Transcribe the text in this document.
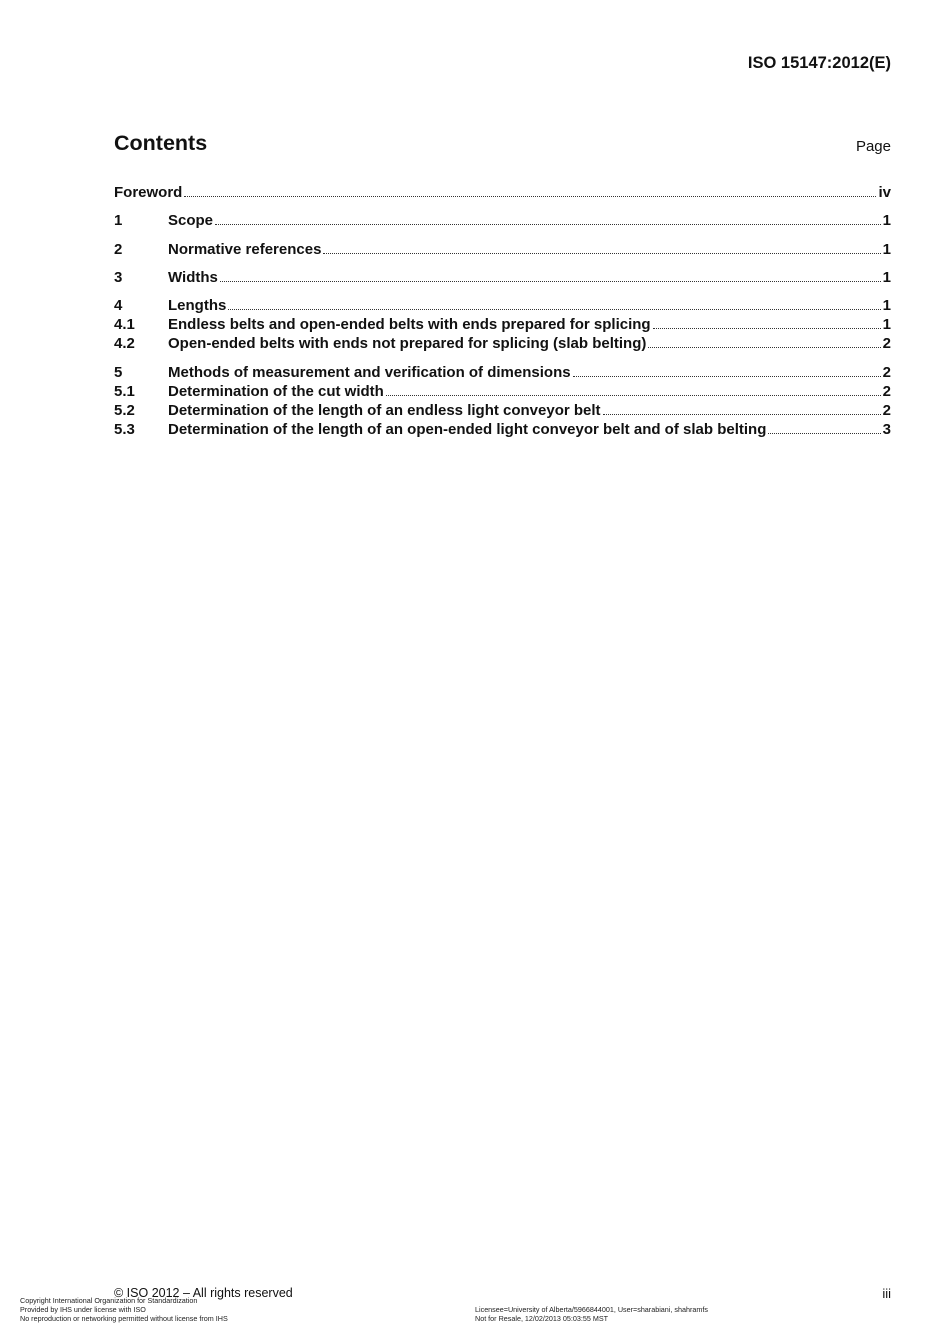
ISO 15147:2012(E)
Contents	Page
Foreword	iv
1	Scope	1
2	Normative references	1
3	Widths	1
4	Lengths	1
4.1	Endless belts and open-ended belts with ends prepared for splicing	1
4.2	Open-ended belts with ends not prepared for splicing (slab belting)	2
5	Methods of measurement and verification of dimensions	2
5.1	Determination of the cut width	2
5.2	Determination of the length of an endless light conveyor belt	2
5.3	Determination of the length of an open-ended light conveyor belt and of slab belting	3
© ISO 2012 – All rights reserved	iii
Copyright International Organization for Standardization
Provided by IHS under license with ISO
No reproduction or networking permitted without license from IHS
Licensee=University of Alberta/5966844001, User=sharabiani, shahramfs
Not for Resale, 12/02/2013 05:03:55 MST
